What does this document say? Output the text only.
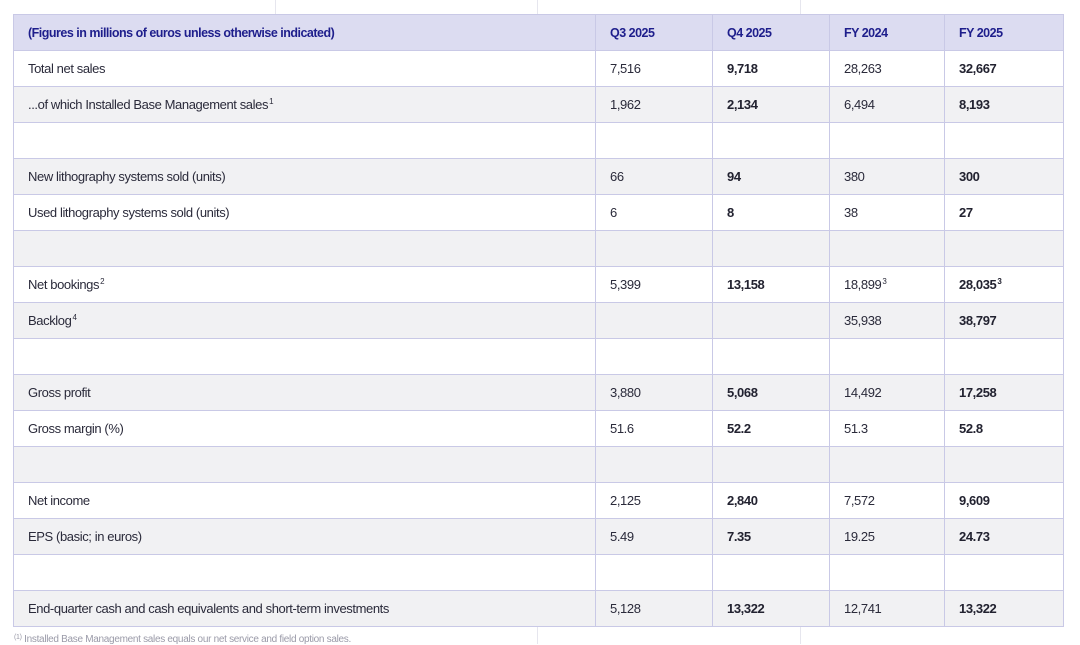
(Figures in millions of euros unless otherwise indicated)	Q3 2025	Q4 2025	FY 2024	FY 2025
Total net sales	7,516	9,718	28,263	32,667
...of which Installed Base Management sales$^1$	1,962	2,134	6,494	8,193

New lithography systems sold (units)	66	94	380	300
Used lithography systems sold (units)	6	8	38	27

Net bookings$^2$	5,399	13,158	18,899$^3$	28,035$^3$
Backlog$^4$			35,938	38,797

Gross profit	3,880	5,068	14,492	17,258
Gross margin (%)	51.6	52.2	51.3	52.8

Net income	2,125	2,840	7,572	9,609
EPS (basic; in euros)	5.49	7.35	19.25	24.73

End-quarter cash and cash equivalents and short-term investments	5,128	13,322	12,741	13,322
$^{(1)}$ Installed Base Management sales equals our net service and field option sales.
